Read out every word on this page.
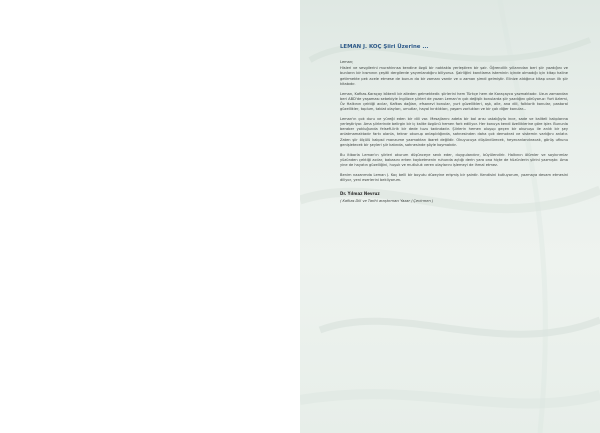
LEMAN J. KOÇ Şiiri Üzerine ...
Leman;

Hisleri ve sevgilerini murahinnsa kendine özgü bir noktakla yerleştiren bir şair. Öğrencilik yıllarından beri şiir yazdığını ve bunların bir kısmının çeşitli dergilerde yayımlandığını biliyoruz. Şairliğini kanıtlama isteminin içinde olmadığı için kitap haline getirmekte pek acele etmese de bunun da bir zamanı vardır ve o zaman şimdi gelmiştir. Elinize aldığınız kitap onun ilk şiir kitabıdır.

Leman, Kafkas-Karaçay kökenli bir aileden gelmektedir. şiirlerini hem Türkçe hem de Karaçayca yazmaktadır. Uzun zamandan beri ABD'de yaşaması sebebiyle İngilizce şiirleri de yazan Leman'ın çok değişik konularda şiir yazdığını görüyoruz: Yurt özlemi, Öz Halkının çektiği acılar, Kafkas dağları, efsanevi konular, yurt güzellikleri, aşk, aile, ana dili, folklorik konular, pastoral güzellikler, toplum, tabiat olayları, umutlar, hayal kırıklıkları, yaşam zorlukları ve bir çok diğer konular...

Leman'ın çok duru ve yüreği eden bir dili var. Mesajlarını adeta bir bal arısı ustalığıyla ince, sade ve kaliteli kalıplarına yerleştiriyor. Ama şiirlerinde belirgin bir iç kalite özgünü hemen fark ediliyor. Her konuya kendi özelliklerine göre işler. Bununla beraber yokluğunda felsefi-lirik bir dede tuzu tadındadır. Şiirlerin hemen oluşup geçen bir okunuşu ile anlık bir şey anlatmamaktadır farkı olanla, tekrar okunup anlaşıldığında, sahnesinden daha çok demokrat ve sistemin varlığını anlatır. Zaten şiir ölçülü kalıpsıl manzume yazmaktan ibaret değildir. Okuyucuya düşündürecek, heyecanlandıracak, görüş ufkunu genişletecek bir şeyleri şiir katında, sahnesinde şöyle koymakdır.

Bu itibarla Leman'ın şiirleri okurum düşünceye sevk eder, duygulandırır, büyülendirir. Halkının ölümler ve soykırımlar yüzünden çektiği acılar, babasını erken kaybetmenin ruhunda açtığı derin yara ona hiçte de hüzünlerin şiirini yazmıştır. Ama yine de hayatın güzelliğini, huşuk ve mutluluk veren olaylarını işlemeyi de ihmal etmez.

Benim nazarımda Leman J. Koç belli bir boyutu düzeyine erişmiş bir şairdir. Kendisini kutluyorum, yazmaya devam etmesini diliyor, yeni eserlerini bekliyorum.

Dr. Yılmaz Nevruz
( Kafkas Dili ve Tarihi araştırmacı Yazar / Çevirmen )
